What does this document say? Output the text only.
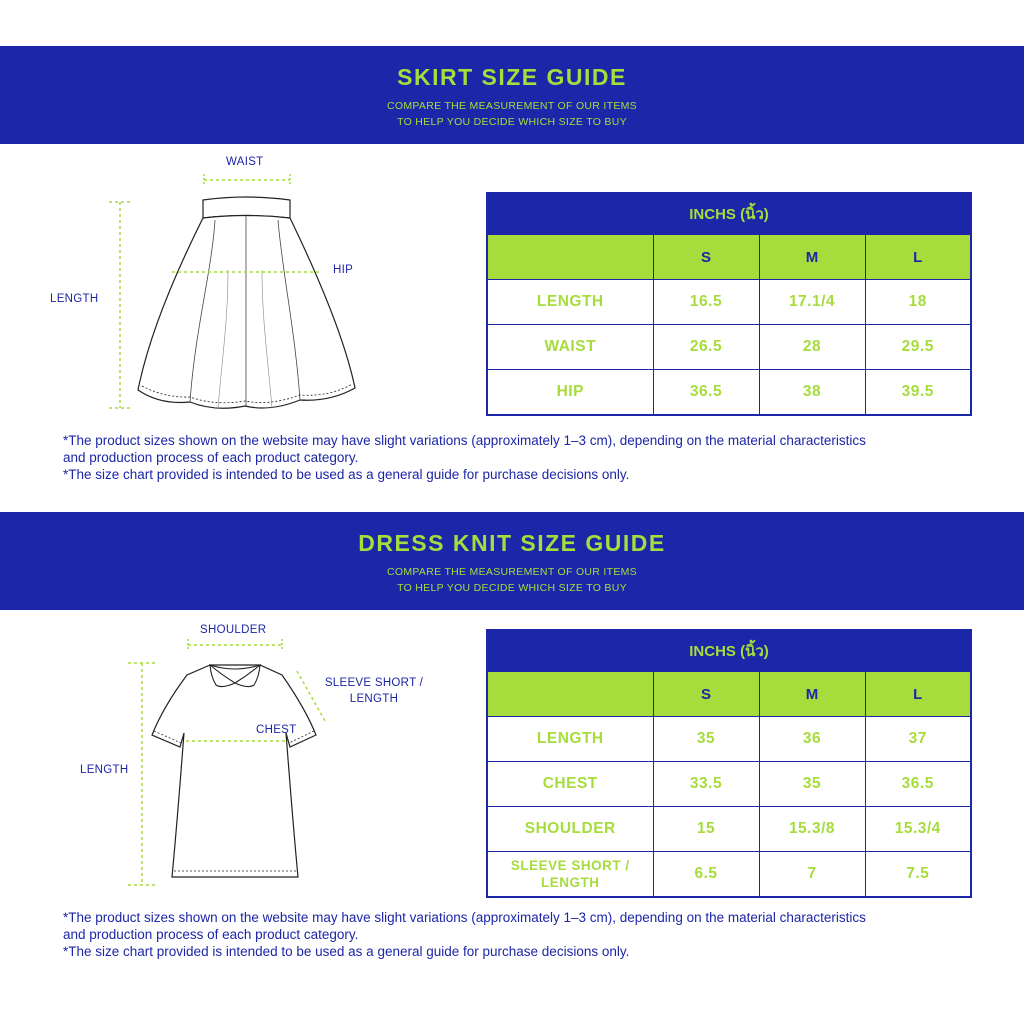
SKIRT SIZE GUIDE
COMPARE THE MEASUREMENT OF OUR ITEMS
TO HELP YOU DECIDE WHICH SIZE TO BUY
WAIST
HIP
LENGTH
INCHS (นิ้ว)			
	S	M	L
LENGTH	16.5	17.1/4	18
WAIST	26.5	28	29.5
HIP	36.5	38	39.5
*The product sizes shown on the website may have slight variations (approximately 1–3 cm), depending on the material characteristics
and production process of each product category.
*The size chart provided is intended to be used as a general guide for purchase decisions only.
DRESS KNIT SIZE GUIDE
COMPARE THE MEASUREMENT OF OUR ITEMS
TO HELP YOU DECIDE WHICH SIZE TO BUY
SHOULDER
SLEEVE SHORT /
LENGTH
CHEST
LENGTH
INCHS (นิ้ว)			
	S	M	L
LENGTH	35	36	37
CHEST	33.5	35	36.5
SHOULDER	15	15.3/8	15.3/4

SLEEVE SHORT /
LENGTH	6.5	7	7.5
*The product sizes shown on the website may have slight variations (approximately 1–3 cm), depending on the material characteristics
and production process of each product category.
*The size chart provided is intended to be used as a general guide for purchase decisions only.
